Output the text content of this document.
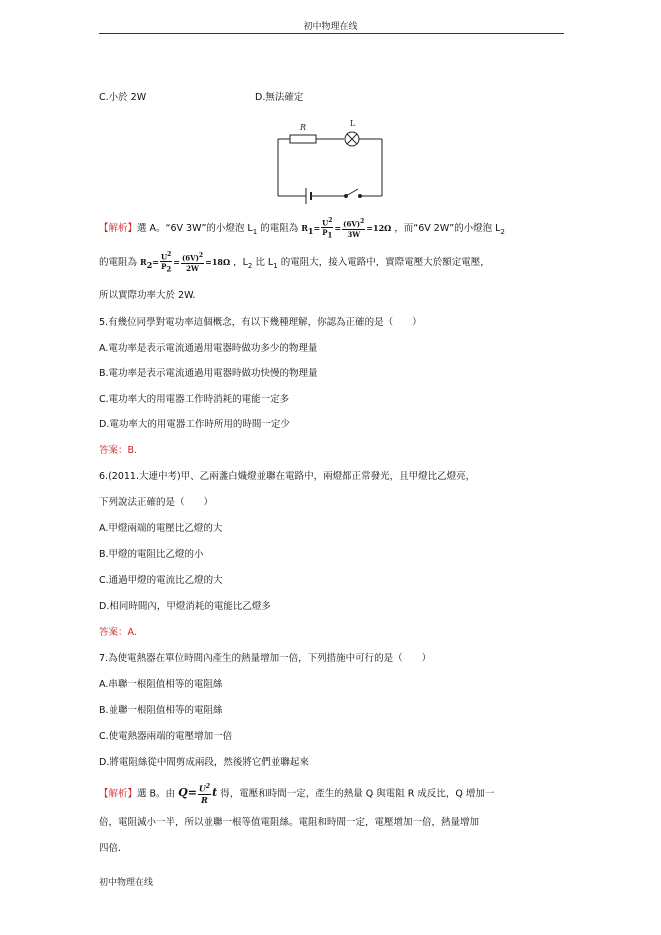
初中物理在线
C.小於 2W	D.無法確定
R	L
【解析】選 A。“6V 3W”的小燈泡 $L_1$ 的電阻為 $R_1= \frac{U^2}{P_1} = \frac{(6V)^2}{3W} =12\Omega$ ，而“6V 2W”的小燈泡 $L_2$
的電阻為 $R_2= \frac{U^2}{P_2} = \frac{(6V)^2}{2W} =18\Omega$ ，$L_2$ 比 $L_1$ 的電阻大，接入電路中，實際電壓大於額定電壓，
所以實際功率大於 2W.
5.有幾位同學對電功率這個概念，有以下幾種理解，你認為正確的是（　　）
A.電功率是表示電流通過用電器時做功多少的物理量
B.電功率是表示電流通過用電器時做功快慢的物理量
C.電功率大的用電器工作時消耗的電能一定多
D.電功率大的用電器工作時所用的時間一定少
答案：B.
6.(2011.大連中考)甲、乙兩盞白熾燈並聯在電路中，兩燈都正常發光，且甲燈比乙燈亮，
下列說法正確的是（　　）
A.甲燈兩端的電壓比乙燈的大
B.甲燈的電阻比乙燈的小
C.通過甲燈的電流比乙燈的大
D.相同時間內，甲燈消耗的電能比乙燈多
答案：A.
7.為使電熱器在單位時間內產生的熱量增加一倍，下列措施中可行的是（　　）
A.串聯一根阻值相等的電阻絲
B.並聯一根阻值相等的電阻絲
C.使電熱器兩端的電壓增加一倍
D.將電阻絲從中間剪成兩段，然後將它們並聯起來
【解析】選 B。由 $Q= \frac{U^2}{R}$ t 得，電壓和時間一定，產生的熱量 Q 與電阻 R 成反比，Q 增加一
倍，電阻減小一半，所以並聯一根等值電阻絲。電阻和時間一定，電壓增加一倍，熱量增加
四倍.
初中物理在线
